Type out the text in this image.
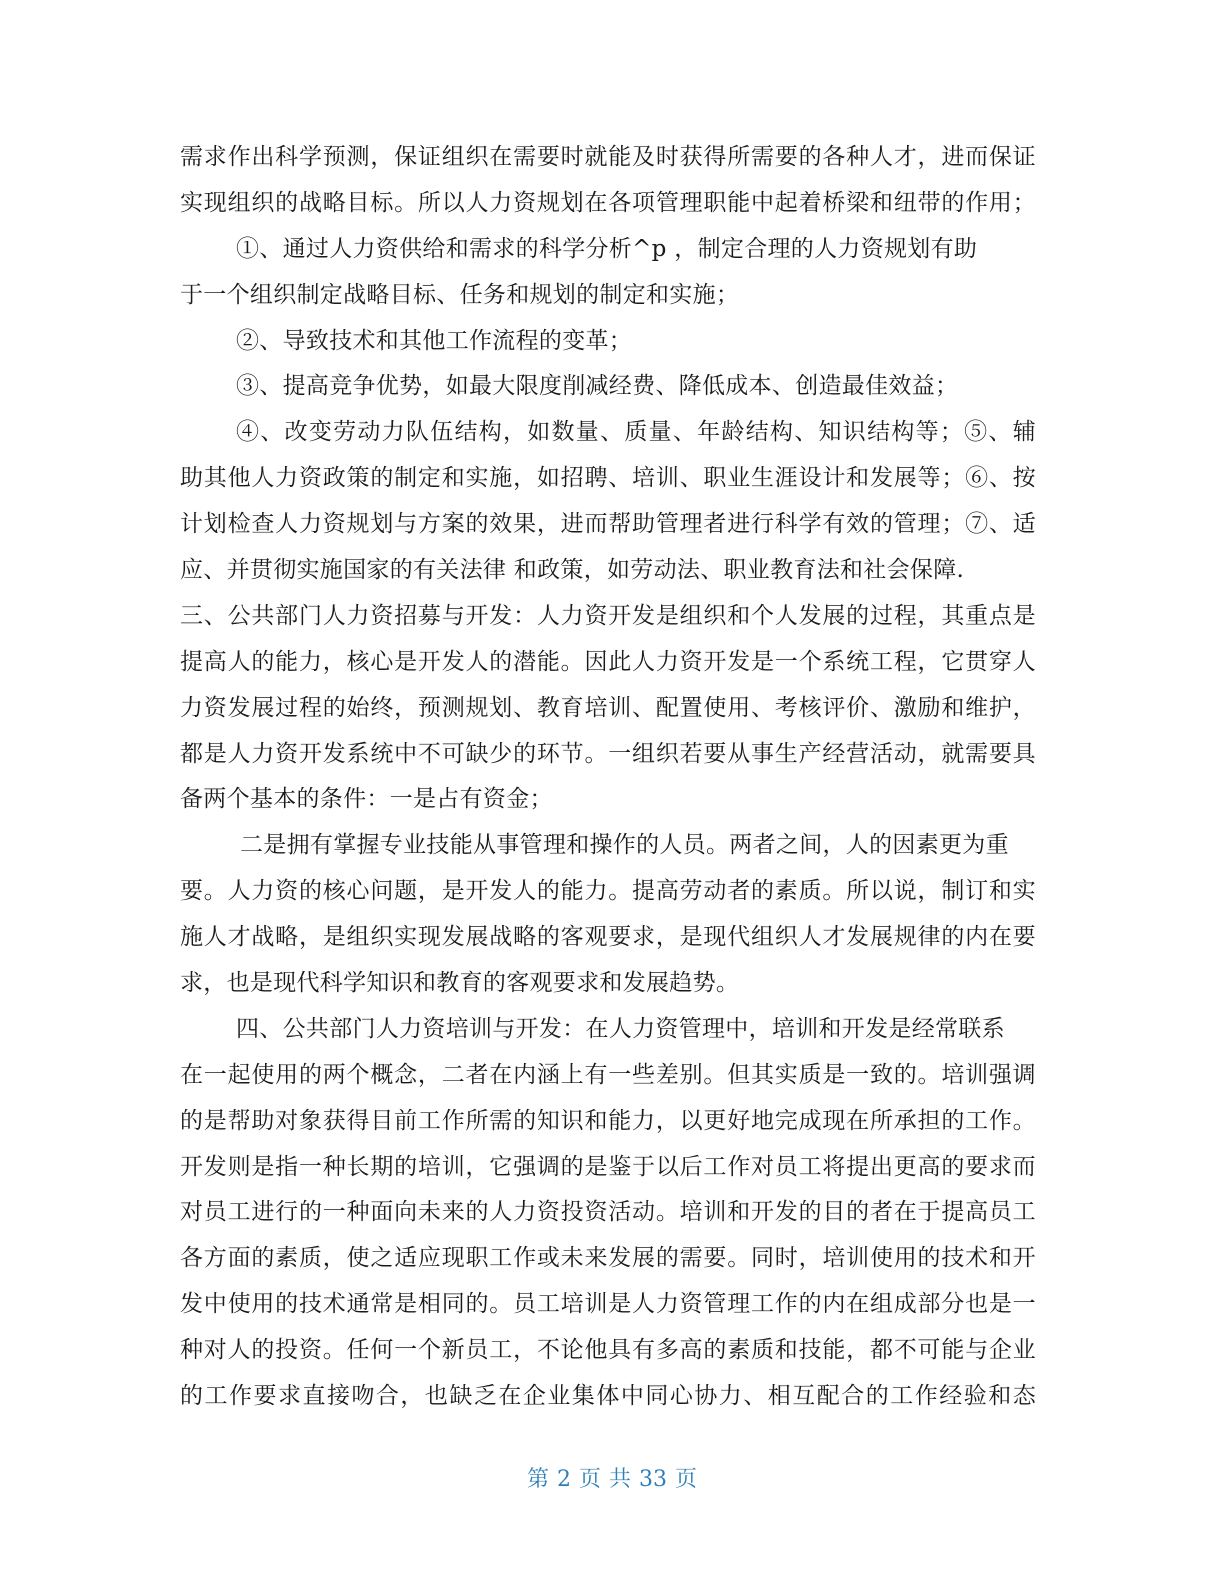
需求作出科学预测，保证组织在需要时就能及时获得所需要的各种人才，进而保证
实现组织的战略目标。所以人力资规划在各项管理职能中起着桥梁和纽带的作用；
①、通过人力资供给和需求的科学分析^p ，制定合理的人力资规划有助
于一个组织制定战略目标、任务和规划的制定和实施；
②、导致技术和其他工作流程的变革；
③、提高竞争优势，如最大限度削减经费、降低成本、创造最佳效益；
④、改变劳动力队伍结构，如数量、质量、年龄结构、知识结构等；⑤、辅
助其他人力资政策的制定和实施，如招聘、培训、职业生涯设计和发展等；⑥、按
计划检查人力资规划与方案的效果，进而帮助管理者进行科学有效的管理；⑦、适
应、并贯彻实施国家的有关法律 和政策，如劳动法、职业教育法和社会保障.
三、公共部门人力资招募与开发：人力资开发是组织和个人发展的过程，其重点是
提高人的能力，核心是开发人的潜能。因此人力资开发是一个系统工程，它贯穿人
力资发展过程的始终，预测规划、教育培训、配置使用、考核评价、激励和维护，
都是人力资开发系统中不可缺少的环节。一组织若要从事生产经营活动，就需要具
备两个基本的条件：一是占有资金；
二是拥有掌握专业技能从事管理和操作的人员。两者之间，人的因素更为重
要。人力资的核心问题，是开发人的能力。提高劳动者的素质。所以说，制订和实
施人才战略，是组织实现发展战略的客观要求，是现代组织人才发展规律的内在要
求，也是现代科学知识和教育的客观要求和发展趋势。
四、公共部门人力资培训与开发：在人力资管理中，培训和开发是经常联系
在一起使用的两个概念，二者在内涵上有一些差别。但其实质是一致的。培训强调
的是帮助对象获得目前工作所需的知识和能力，以更好地完成现在所承担的工作。
开发则是指一种长期的培训，它强调的是鉴于以后工作对员工将提出更高的要求而
对员工进行的一种面向未来的人力资投资活动。培训和开发的目的者在于提高员工
各方面的素质，使之适应现职工作或未来发展的需要。同时，培训使用的技术和开
发中使用的技术通常是相同的。员工培训是人力资管理工作的内在组成部分也是一
种对人的投资。任何一个新员工，不论他具有多高的素质和技能，都不可能与企业
的工作要求直接吻合，也缺乏在企业集体中同心协力、相互配合的工作经验和态
第 2 页 共 33 页
